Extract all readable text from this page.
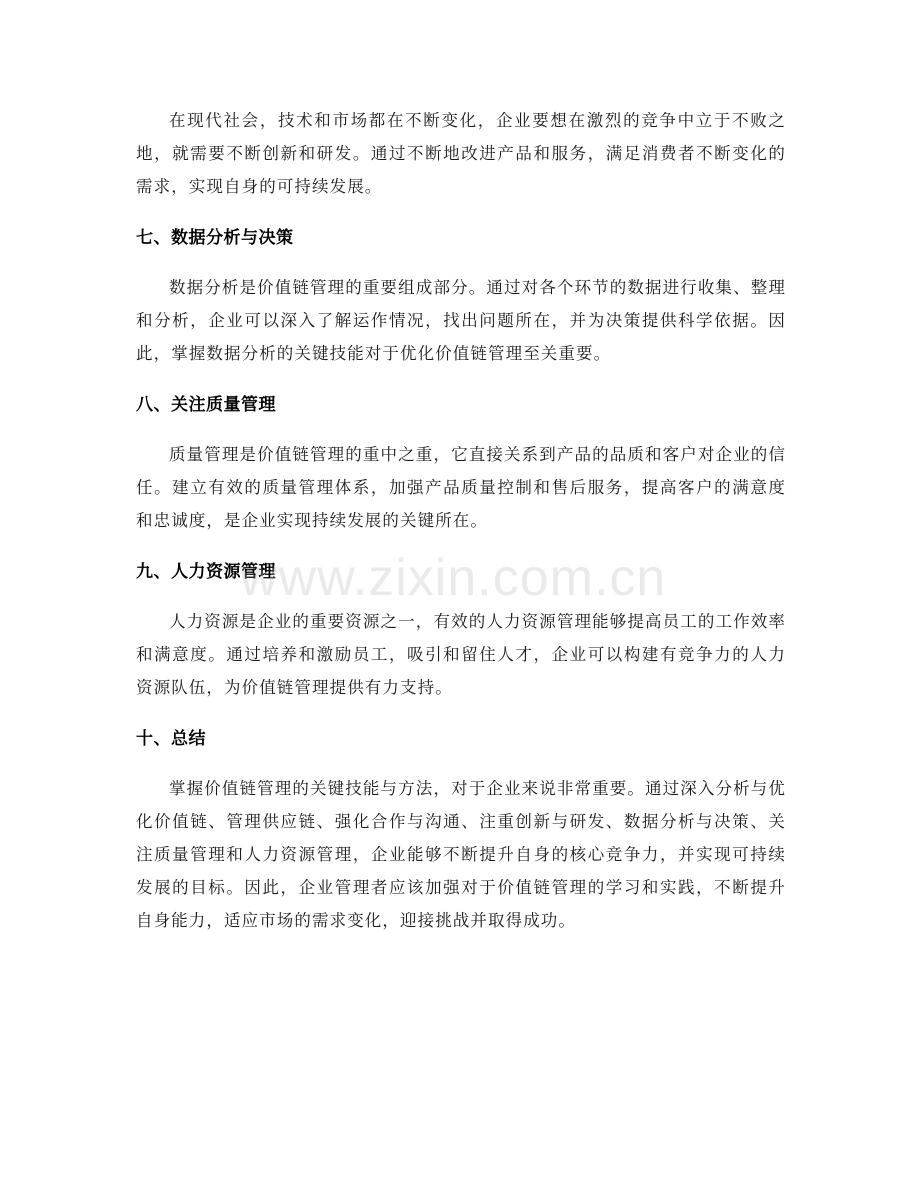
在现代社会，技术和市场都在不断变化，企业要想在激烈的竞争中立于不败之地，就需要不断创新和研发。通过不断地改进产品和服务，满足消费者不断变化的需求，实现自身的可持续发展。

七、数据分析与决策

数据分析是价值链管理的重要组成部分。通过对各个环节的数据进行收集、整理和分析，企业可以深入了解运作情况，找出问题所在，并为决策提供科学依据。因此，掌握数据分析的关键技能对于优化价值链管理至关重要。

八、关注质量管理

质量管理是价值链管理的重中之重，它直接关系到产品的品质和客户对企业的信任。建立有效的质量管理体系，加强产品质量控制和售后服务，提高客户的满意度和忠诚度，是企业实现持续发展的关键所在。

九、人力资源管理

人力资源是企业的重要资源之一，有效的人力资源管理能够提高员工的工作效率和满意度。通过培养和激励员工，吸引和留住人才，企业可以构建有竞争力的人力资源队伍，为价值链管理提供有力支持。

十、总结

掌握价值链管理的关键技能与方法，对于企业来说非常重要。通过深入分析与优化价值链、管理供应链、强化合作与沟通、注重创新与研发、数据分析与决策、关注质量管理和人力资源管理，企业能够不断提升自身的核心竞争力，并实现可持续发展的目标。因此，企业管理者应该加强对于价值链管理的学习和实践，不断提升自身能力，适应市场的需求变化，迎接挑战并取得成功。

www.zixin.com.cn
